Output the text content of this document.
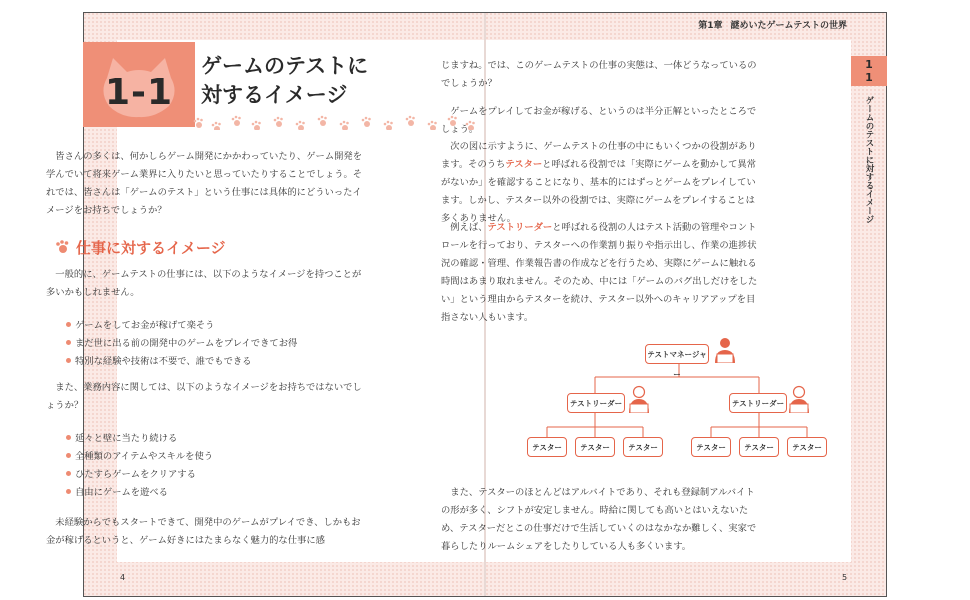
第1章 謎めいたゲームテストの世界
1-1
ゲームのテストに
対するイメージ
皆さんの多くは、何かしらゲーム開発にかかわっていたり、ゲーム開発を学んでいて将来ゲーム業界に入りたいと思っていたりすることでしょう。それでは、皆さんは「ゲームのテスト」という仕事には具体的にどういったイメージをお持ちでしょうか？
仕事に対するイメージ
一般的に、ゲームテストの仕事には、以下のようなイメージを持つことが多いかもしれません。
ゲームをしてお金が稼げて楽そう
まだ世に出る前の開発中のゲームをプレイできてお得
特別な経験や技術は不要で、誰でもできる
また、業務内容に関しては、以下のようなイメージをお持ちではないでしょうか？
延々と壁に当たり続ける
全種類のアイテムやスキルを使う
ひたすらゲームをクリアする
自由にゲームを遊べる
未経験からでもスタートできて、開発中のゲームがプレイでき、しかもお金が稼げるというと、ゲーム好きにはたまらなく魅力的な仕事に感
じますね。では、このゲームテストの仕事の実態は、一体どうなっているのでしょうか？
ゲームをプレイしてお金が稼げる、というのは半分正解といったところでしょう。
次の図に示すように、ゲームテストの仕事の中にもいくつかの役割があります。そのうちテスターと呼ばれる役割では「実際にゲームを動かして異常がないか」を確認することになり、基本的にはずっとゲームをプレイしています。しかし、テスター以外の役割では、実際にゲームをプレイすることは多くありません。
例えば、テストリーダーと呼ばれる役割の人はテスト活動の管理やコントロールを行っており、テスターへの作業割り振りや指示出し、作業の進捗状況の確認・管理、作業報告書の作成などを行うため、実際にゲームに触れる時間はあまり取れません。そのため、中には「ゲームのバグ出しだけをしたい」という理由からテスターを続け、テスター以外へのキャリアアップを目指さない人もいます。
また、テスターのほとんどはアルバイトであり、それも登録制アルバイトの形が多く、シフトが安定しません。時給に関しても高いとはいえないため、テスターだとこの仕事だけで生活していくのはなかなか難しく、実家で暮らしたりルームシェアをしたりしている人も多くいます。
テストマネージャー
テストリーダー	テストリーダー
テスター	テスター	テスター	テスター	テスター	テスター
1
1
ゲームのテストに対するイメージ
4	5
